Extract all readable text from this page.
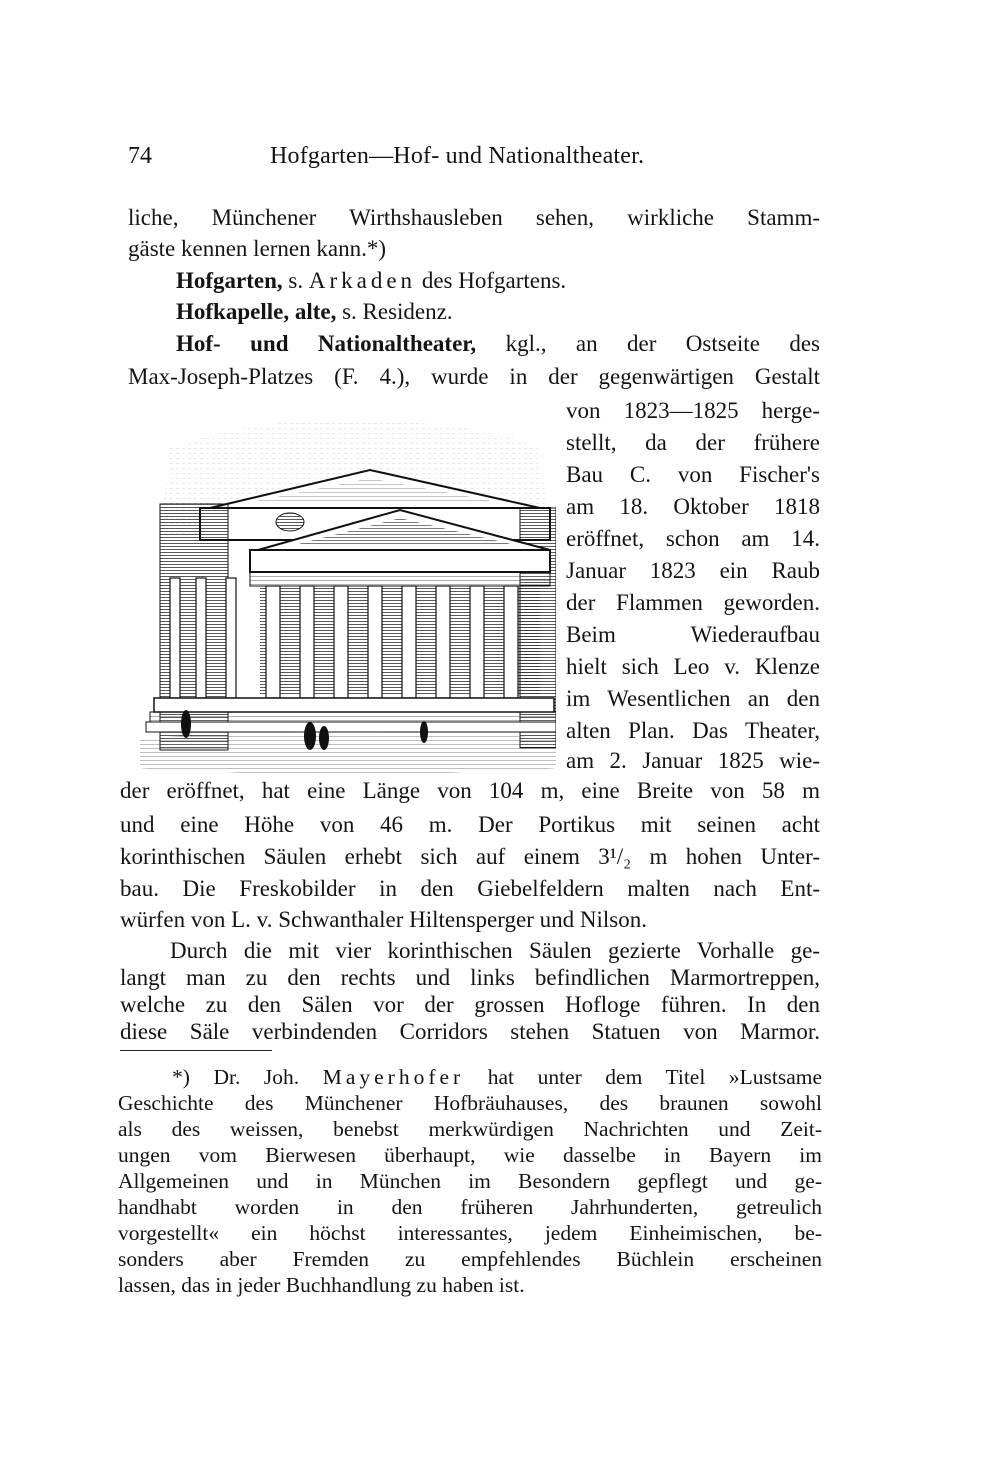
74	Hofgarten—Hof- und Nationaltheater.
liche, Münchener Wirthshausleben sehen, wirkliche Stamm-
gäste kennen lernen kann.*)
Hofgarten, s. Arkaden des Hofgartens.
Hofkapelle, alte, s. Residenz.
Hof- und Nationaltheater, kgl., an der Ostseite des
Max-Joseph-Platzes (F. 4.), wurde in der gegenwärtigen Gestalt
von 1823—1825 herge-
stellt, da der frühere
Bau C. von Fischer's
am 18. Oktober 1818
eröffnet, schon am 14.
Januar 1823 ein Raub
der Flammen geworden.
Beim Wiederaufbau
hielt sich Leo v. Klenze
im Wesentlichen an den
alten Plan. Das Theater,
am 2. Januar 1825 wie-
der eröffnet, hat eine Länge von 104 m, eine Breite von 58 m
und eine Höhe von 46 m. Der Portikus mit seinen acht
korinthischen Säulen erhebt sich auf einem 3¹/₂ m hohen Unter-
bau. Die Freskobilder in den Giebelfeldern malten nach Ent-
würfen von L. v. Schwanthaler Hiltensperger und Nilson.
Durch die mit vier korinthischen Säulen gezierte Vorhalle ge-
langt man zu den rechts und links befindlichen Marmortreppen,
welche zu den Sälen vor der grossen Hofloge führen. In den
diese Säle verbindenden Corridors stehen Statuen von Marmor.
*) Dr. Joh. Mayerhofer hat unter dem Titel »Lustsame
Geschichte des Münchener Hofbräuhauses, des braunen sowohl
als des weissen, benebst merkwürdigen Nachrichten und Zeit-
ungen vom Bierwesen überhaupt, wie dasselbe in Bayern im
Allgemeinen und in München im Besondern gepflegt und ge-
handhabt worden in den früheren Jahrhunderten, getreulich
vorgestellt« ein höchst interessantes, jedem Einheimischen, be-
sonders aber Fremden zu empfehlendes Büchlein erscheinen
lassen, das in jeder Buchhandlung zu haben ist.
